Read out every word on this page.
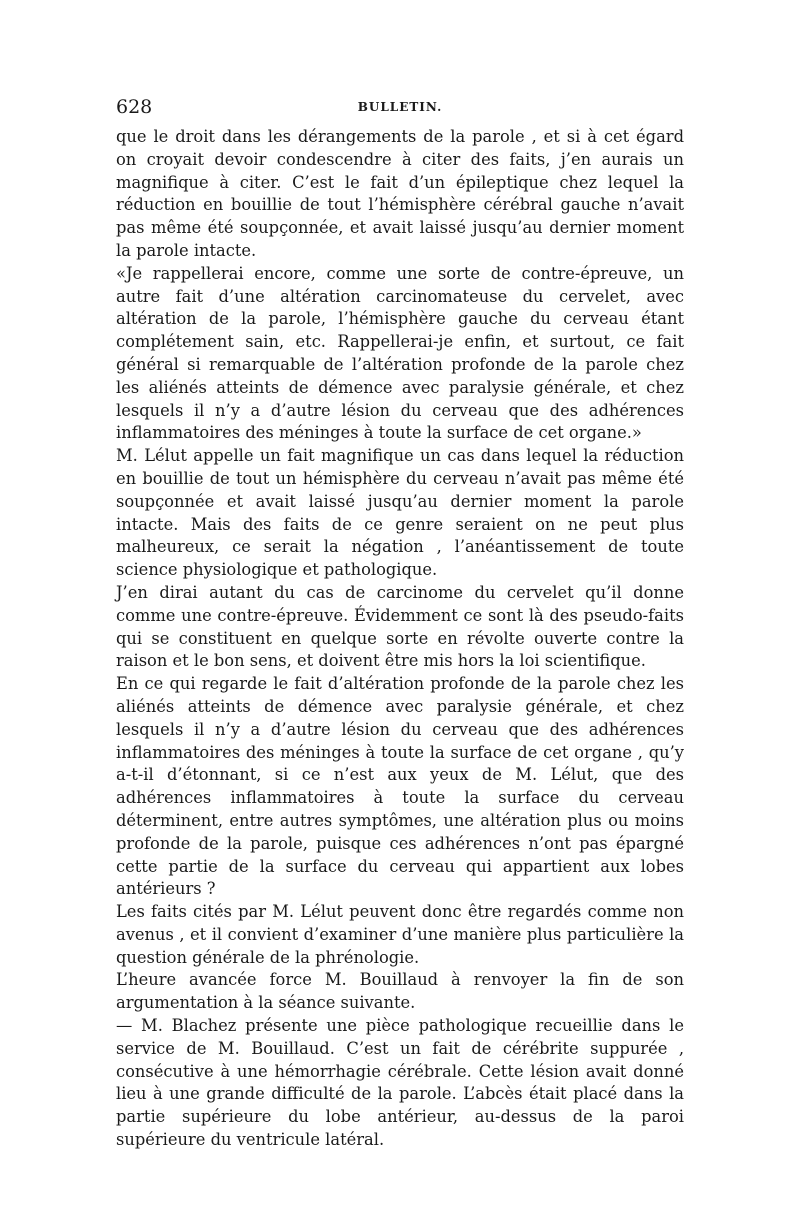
628	BULLETIN.

que le droit dans les dérangements de la parole , et si à cet égard on croyait devoir condescendre à citer des faits, j’en aurais un magnifique à citer. C’est le fait d’un épileptique chez lequel la réduction en bouillie de tout l’hémisphère cérébral gauche n’avait pas même été soupçonnée, et avait laissé jusqu’au dernier moment la parole intacte.

«Je rappellerai encore, comme une sorte de contre-épreuve, un autre fait d’une altération carcinomateuse du cervelet, avec altération de la parole, l’hémisphère gauche du cerveau étant complétement sain, etc. Rappellerai-je enfin, et surtout, ce fait général si remarquable de l’altération profonde de la parole chez les aliénés atteints de démence avec paralysie générale, et chez lesquels il n’y a d’autre lésion du cerveau que des adhérences inflammatoires des méninges à toute la surface de cet organe.»

M. Lélut appelle un fait magnifique un cas dans lequel la réduction en bouillie de tout un hémisphère du cerveau n’avait pas même été soupçonnée et avait laissé jusqu’au dernier moment la parole intacte. Mais des faits de ce genre seraient on ne peut plus malheureux, ce serait la négation , l’anéantissement de toute science physiologique et pathologique.

J’en dirai autant du cas de carcinome du cervelet qu’il donne comme une contre-épreuve. Évidemment ce sont là des pseudo-faits qui se constituent en quelque sorte en révolte ouverte contre la raison et le bon sens, et doivent être mis hors la loi scientifique.

En ce qui regarde le fait d’altération profonde de la parole chez les aliénés atteints de démence avec paralysie générale, et chez lesquels il n’y a d’autre lésion du cerveau que des adhérences inflammatoires des méninges à toute la surface de cet organe , qu’y a-t-il d’étonnant, si ce n’est aux yeux de M. Lélut, que des adhérences inflammatoires à toute la surface du cerveau déterminent, entre autres symptômes, une altération plus ou moins profonde de la parole, puisque ces adhérences n’ont pas épargné cette partie de la surface du cerveau qui appartient aux lobes antérieurs ?

Les faits cités par M. Lélut peuvent donc être regardés comme non avenus , et il convient d’examiner d’une manière plus particulière la question générale de la phrénologie.

L’heure avancée force M. Bouillaud à renvoyer la fin de son argumentation à la séance suivante.

— M. Blachez présente une pièce pathologique recueillie dans le service de M. Bouillaud. C’est un fait de cérébrite suppurée , consécutive à une hémorrhagie cérébrale. Cette lésion avait donné lieu à une grande difficulté de la parole. L’abcès était placé dans la partie supérieure du lobe antérieur, au-dessus de la paroi supérieure du ventricule latéral.
